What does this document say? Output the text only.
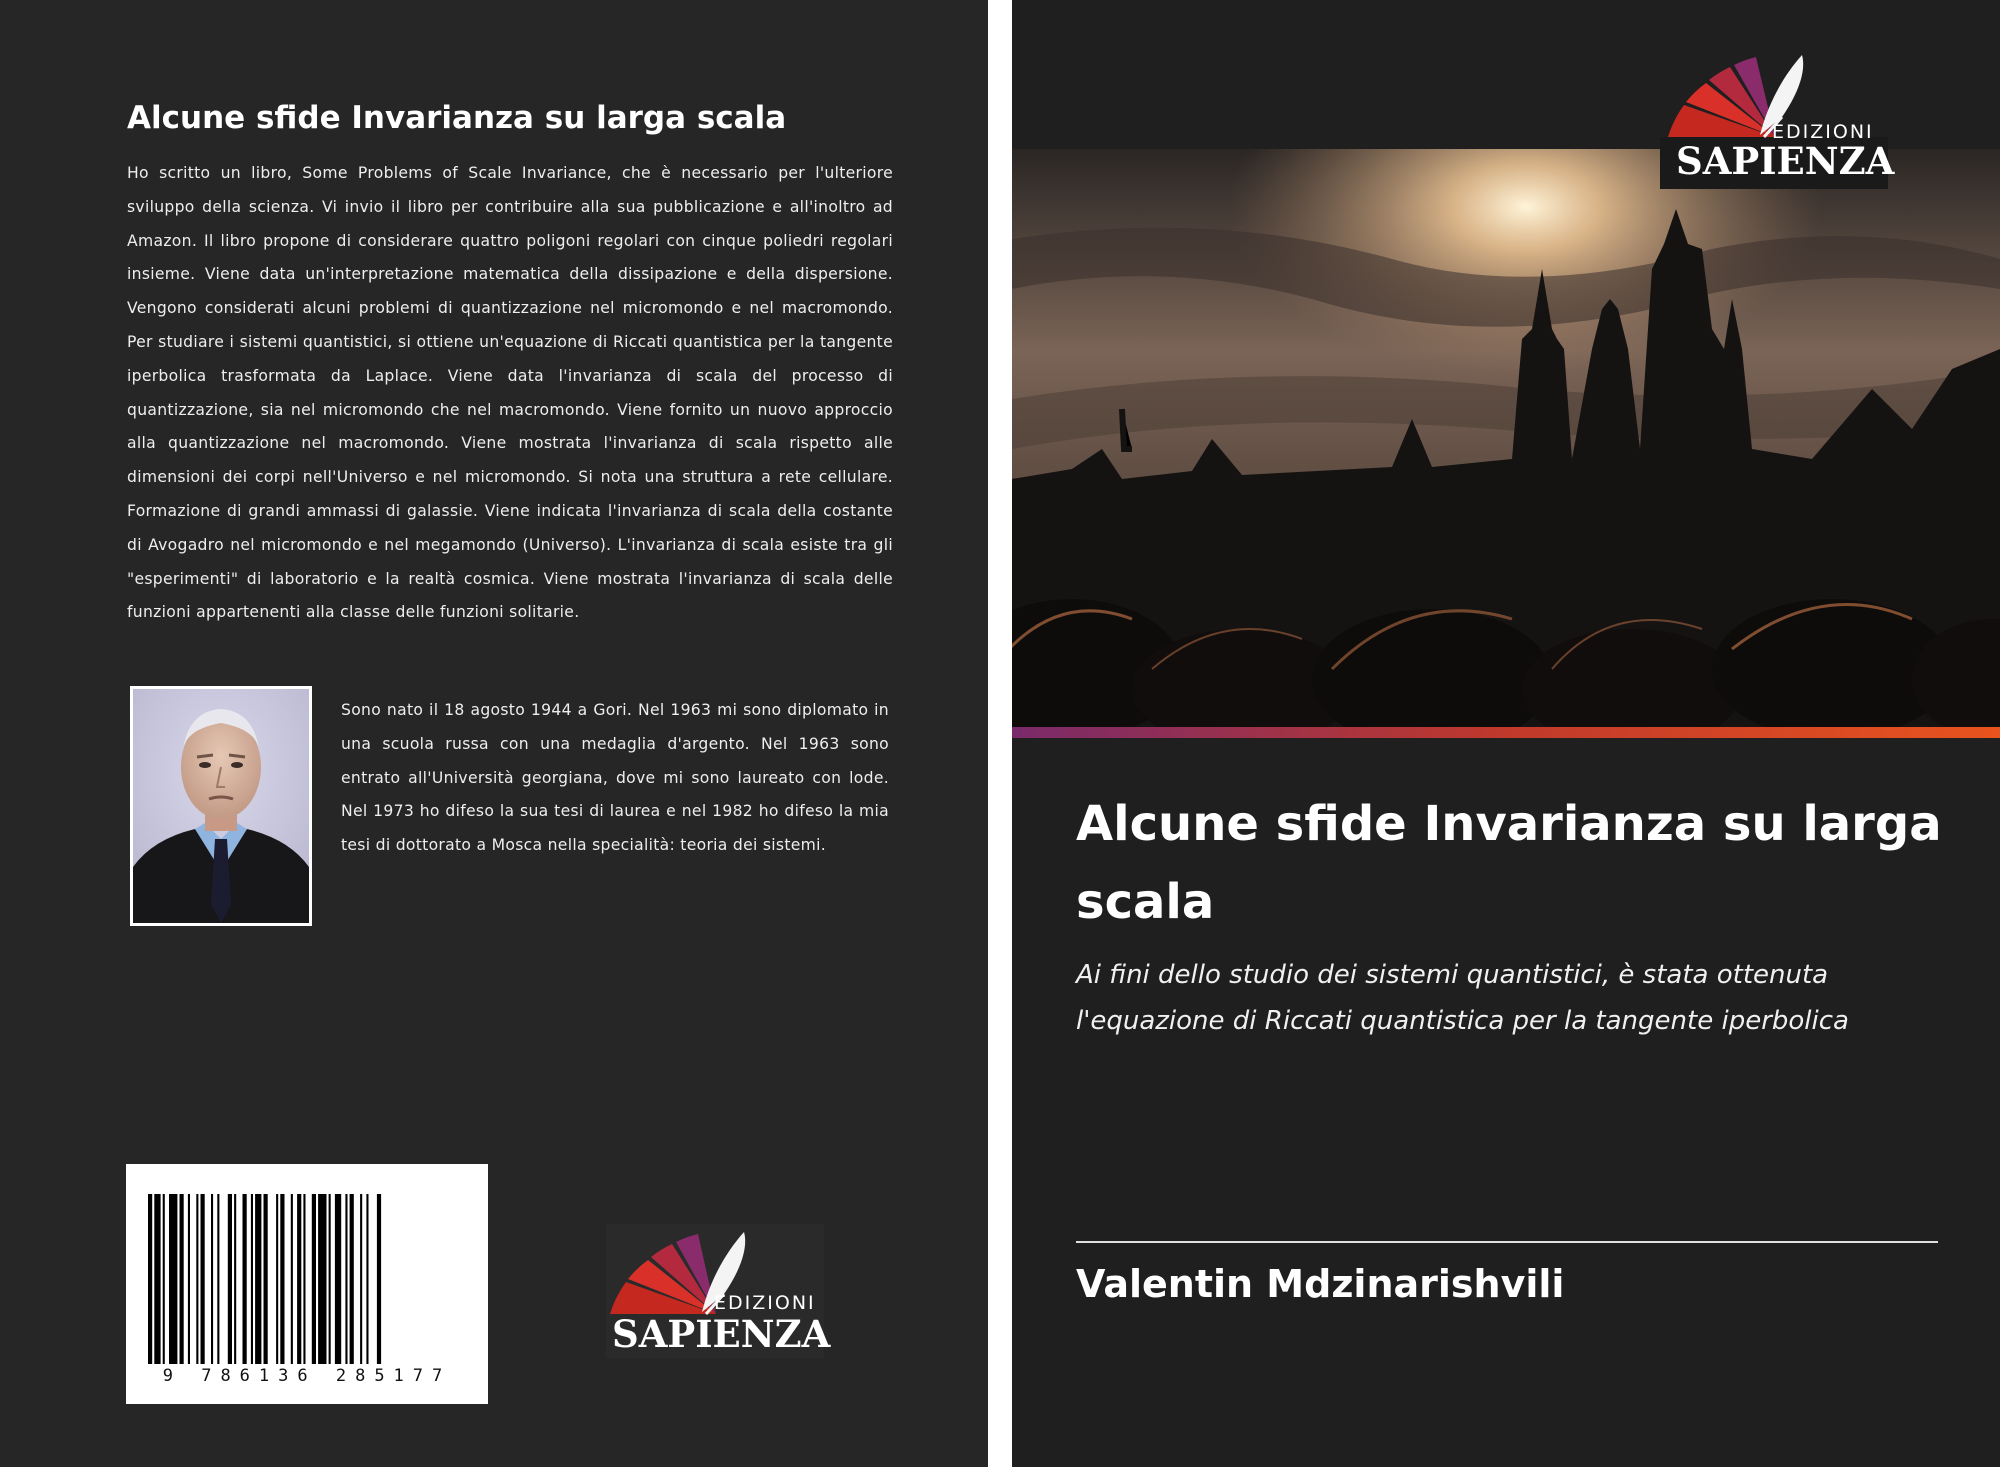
Alcune sfide Invarianza su larga scala
Ho scritto un libro, Some Problems of Scale Invariance, che è necessario per l'ulteriore sviluppo della scienza. Vi invio il libro per contribuire alla sua pubblicazione e all'inoltro ad Amazon. Il libro propone di considerare quattro poligoni regolari con cinque poliedri regolari insieme. Viene data un'interpretazione matematica della dissipazione e della dispersione. Vengono considerati alcuni problemi di quantizzazione nel micromondo e nel macromondo. Per studiare i sistemi quantistici, si ottiene un'equazione di Riccati quantistica per la tangente iperbolica trasformata da Laplace. Viene data l'invarianza di scala del processo di quantizzazione, sia nel micromondo che nel macromondo. Viene fornito un nuovo approccio alla quantizzazione nel macromondo. Viene mostrata l'invarianza di scala rispetto alle dimensioni dei corpi nell'Universo e nel micromondo. Si nota una struttura a rete cellulare. Formazione di grandi ammassi di galassie. Viene indicata l'invarianza di scala della costante di Avogadro nel micromondo e nel megamondo (Universo). L'invarianza di scala esiste tra gli "esperimenti" di laboratorio e la realtà cosmica. Viene mostrata l'invarianza di scala delle funzioni appartenenti alla classe delle funzioni solitarie.
Sono nato il 18 agosto 1944 a Gori. Nel 1963 mi sono diplomato in una scuola russa con una medaglia d'argento. Nel 1963 sono entrato all'Università georgiana, dove mi sono laureato con lode. Nel 1973 ho difeso la sua tesi di laurea e nel 1982 ho difeso la mia tesi di dottorato a Mosca nella specialità: teoria dei sistemi.
9 786136 285177
EDIZIONI
SAPIENZA
EDIZIONI
SAPIENZA
Alcune sfide Invarianza su larga scala
Ai fini dello studio dei sistemi quantistici, è stata ottenuta l'equazione di Riccati quantistica per la tangente iperbolica
Valentin Mdzinarishvili
